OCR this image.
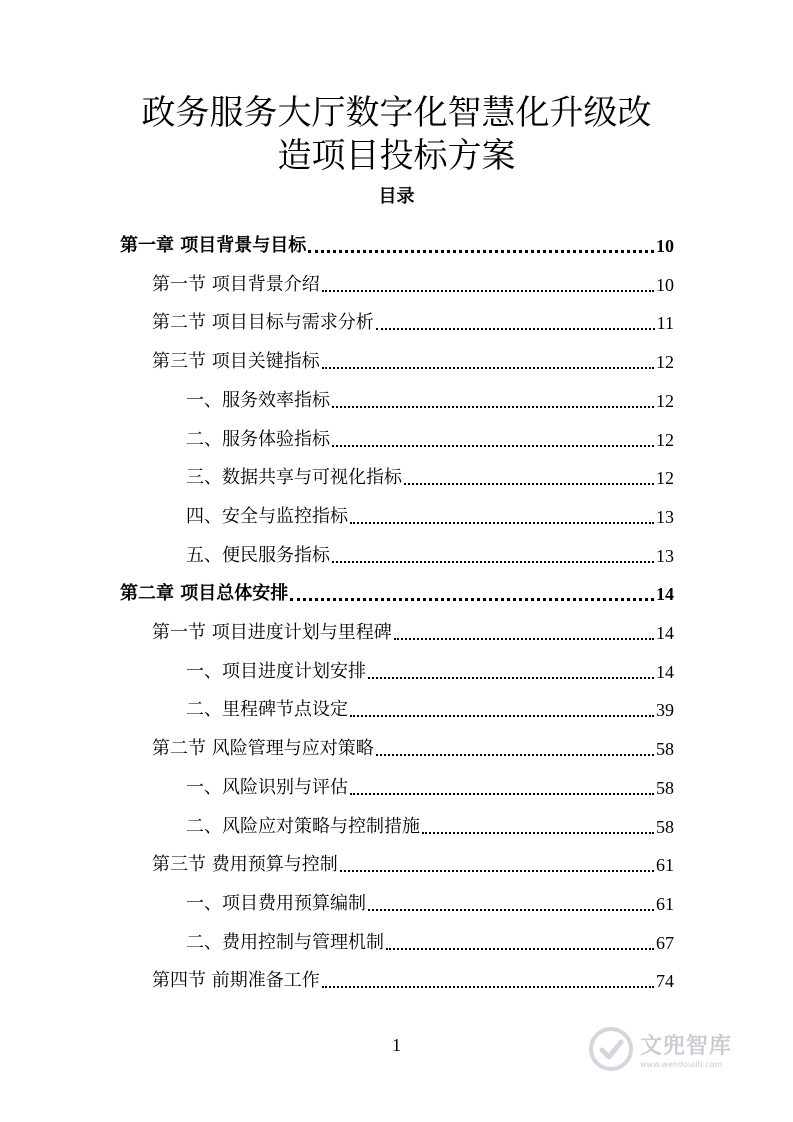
政务服务大厅数字化智慧化升级改
造项目投标方案
目录
第一章 项目背景与目标	10
第一节 项目背景介绍	10
第二节 项目目标与需求分析	11
第三节 项目关键指标	12
一、服务效率指标	12
二、服务体验指标	12
三、数据共享与可视化指标	12
四、安全与监控指标	13
五、便民服务指标	13
第二章 项目总体安排	14
第一节 项目进度计划与里程碑	14
一、项目进度计划安排	14
二、里程碑节点设定	39
第二节 风险管理与应对策略	58
一、风险识别与评估	58
二、风险应对策略与控制措施	58
第三节 费用预算与控制	61
一、项目费用预算编制	61
二、费用控制与管理机制	67
第四节 前期准备工作	74
1	文兜智库
www.wendoulib.com
